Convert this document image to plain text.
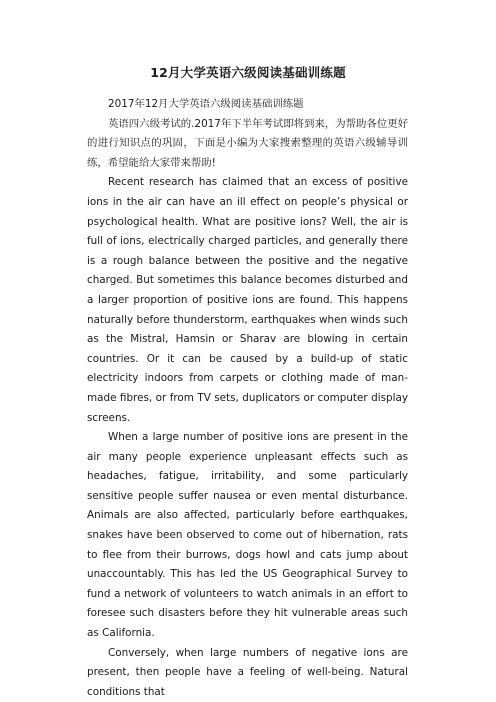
12月大学英语六级阅读基础训练题

2017年12月大学英语六级阅读基础训练题

英语四六级考试的.2017年下半年考试即将到来，为帮助各位更好的进行知识点的巩固，下面是小编为大家搜索整理的英语六级辅导训练，希望能给大家带来帮助!

Recent research has claimed that an excess of positive ions in the air can have an ill effect on people’s physical or psychological health. What are positive ions? Well, the air is full of ions, electrically charged particles, and generally there is a rough balance between the positive and the negative charged. But sometimes this balance becomes disturbed and a larger proportion of positive ions are found. This happens naturally before thunderstorm, earthquakes when winds such as the Mistral, Hamsin or Sharav are blowing in certain countries. Or it can be caused by a build-up of static electricity indoors from carpets or clothing made of man-made fibres, or from TV sets, duplicators or computer display screens.

When a large number of positive ions are present in the air many people experience unpleasant effects such as headaches, fatigue, irritability, and some particularly sensitive people suffer nausea or even mental disturbance. Animals are also affected, particularly before earthquakes, snakes have been observed to come out of hibernation, rats to flee from their burrows, dogs howl and cats jump about unaccountably. This has led the US Geographical Survey to fund a network of volunteers to watch animals in an effort to foresee such disasters before they hit vulnerable areas such as California.

Conversely, when large numbers of negative ions are present, then people have a feeling of well-being. Natural conditions that
